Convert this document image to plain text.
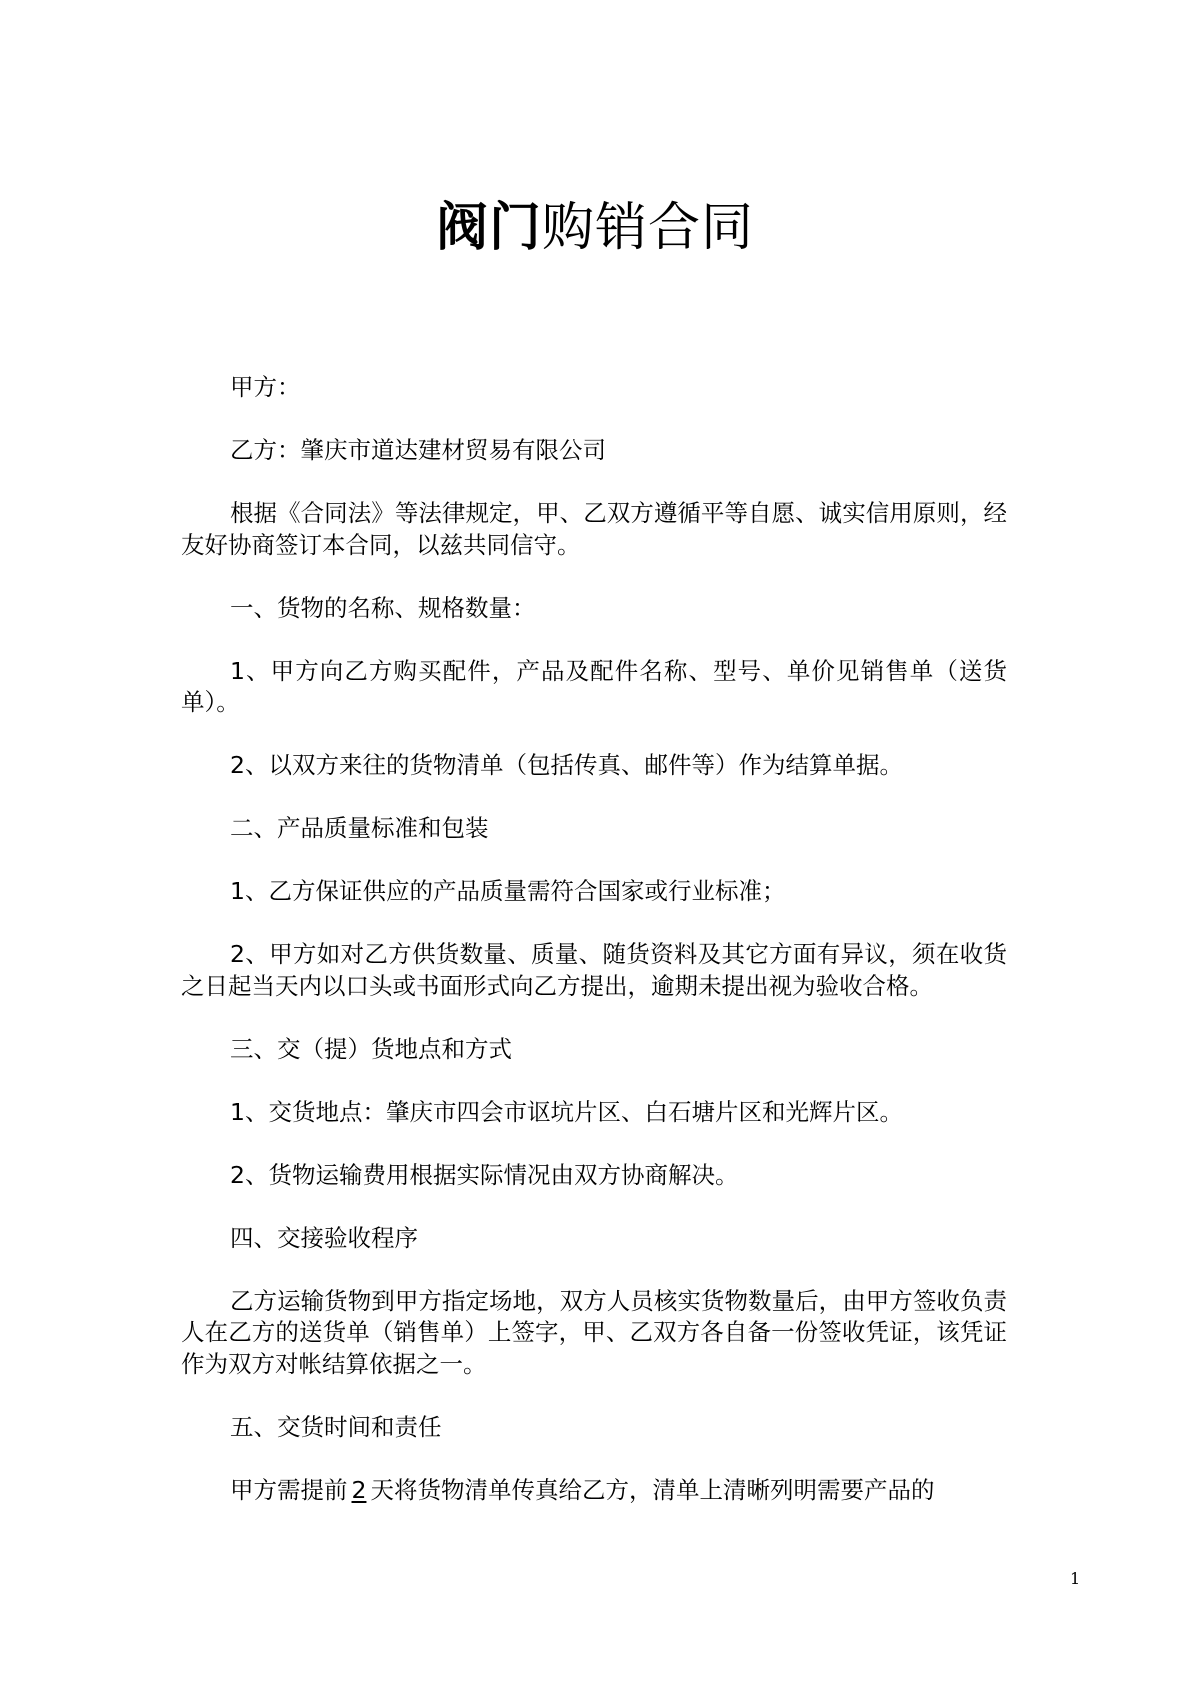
阀门购销合同

甲方：

乙方：肇庆市道达建材贸易有限公司

根据《合同法》等法律规定，甲、乙双方遵循平等自愿、诚实信用原则，经友好协商签订本合同，以兹共同信守。

一、货物的名称、规格数量：

1、甲方向乙方购买配件，产品及配件名称、型号、单价见销售单（送货单）。

2、以双方来往的货物清单（包括传真、邮件等）作为结算单据。

二、产品质量标准和包装

1、乙方保证供应的产品质量需符合国家或行业标准；

2、甲方如对乙方供货数量、质量、随货资料及其它方面有异议，须在收货之日起当天内以口头或书面形式向乙方提出，逾期未提出视为验收合格。

三、交（提）货地点和方式

1、交货地点：肇庆市四会市讴坑片区、白石塘片区和光辉片区。

2、货物运输费用根据实际情况由双方协商解决。

四、交接验收程序

乙方运输货物到甲方指定场地，双方人员核实货物数量后，由甲方签收负责人在乙方的送货单（销售单）上签字，甲、乙双方各自备一份签收凭证，该凭证作为双方对帐结算依据之一。

五、交货时间和责任

甲方需提前 2 天将货物清单传真给乙方，清单上清晰列明需要产品的

1
